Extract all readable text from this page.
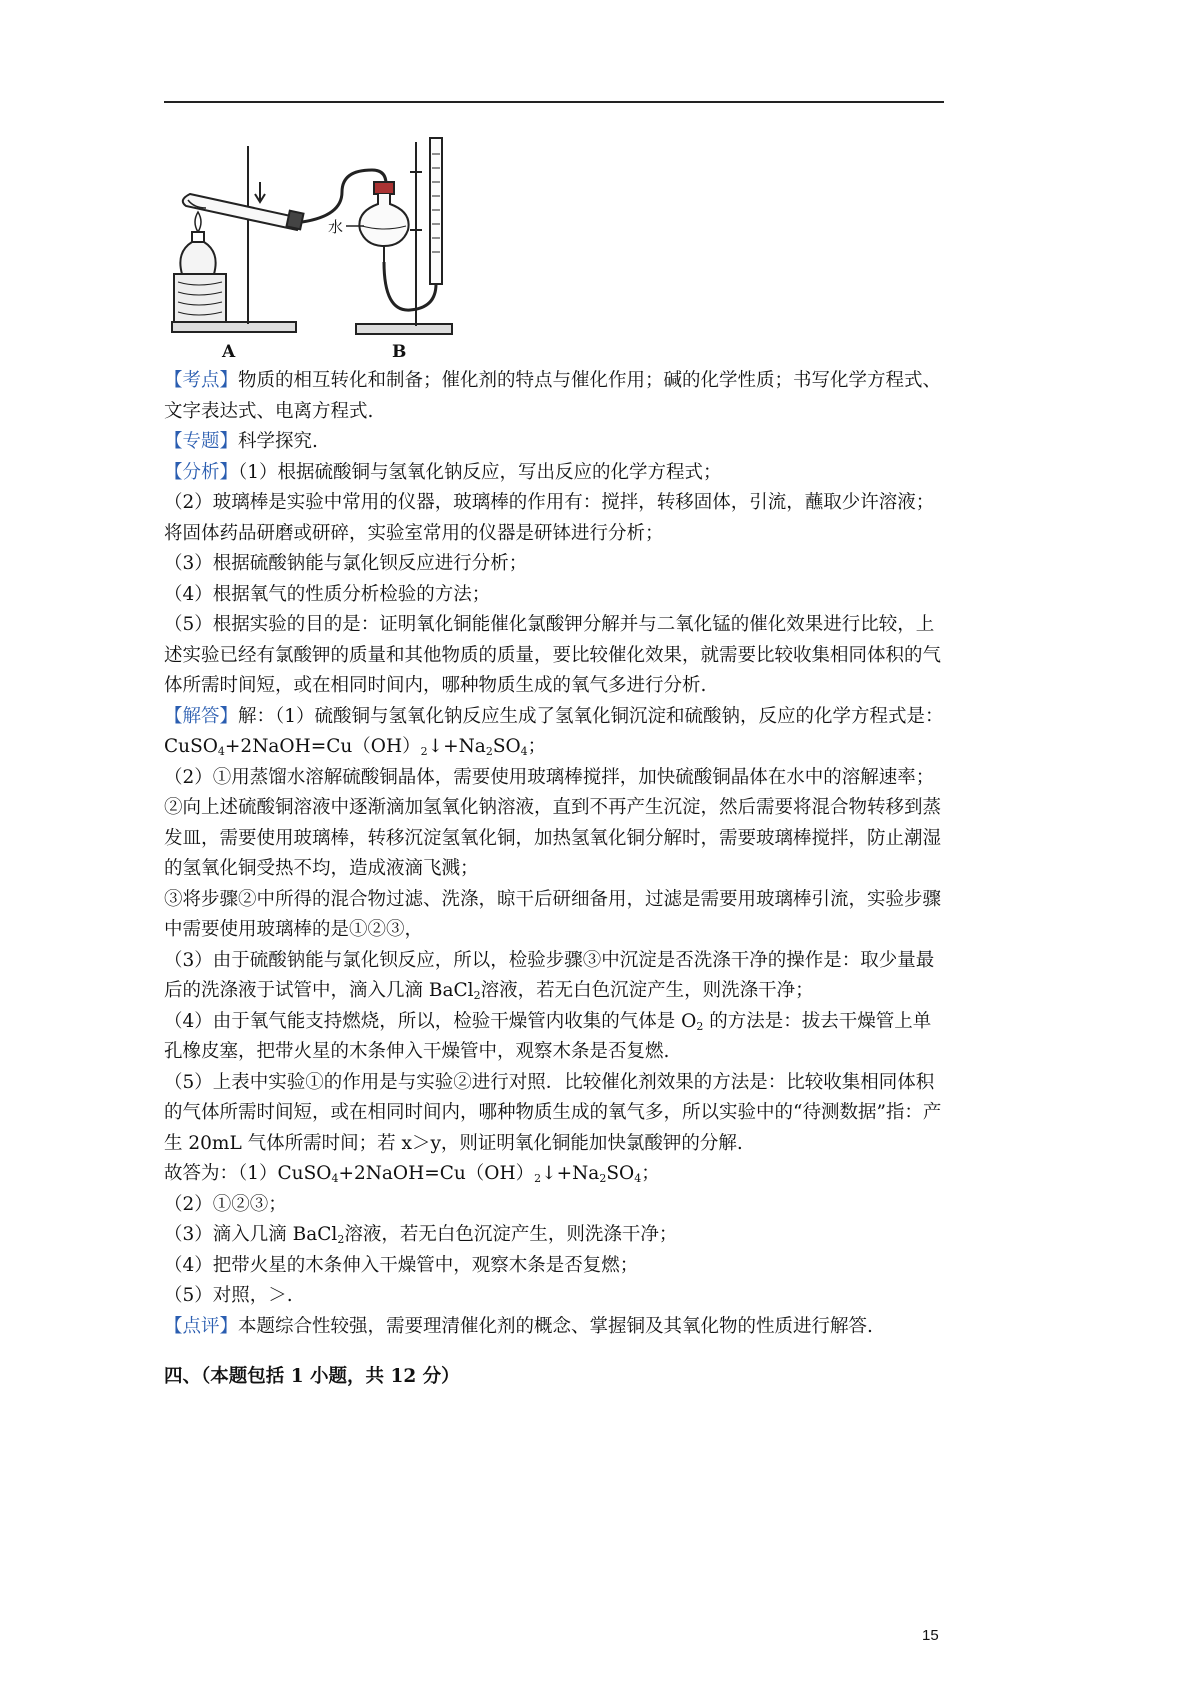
水
A	B

【考点】物质的相互转化和制备；催化剂的特点与催化作用；碱的化学性质；书写化学方程式、文字表达式、电离方程式.

【专题】科学探究.

【分析】（1）根据硫酸铜与氢氧化钠反应，写出反应的化学方程式；

（2）玻璃棒是实验中常用的仪器，玻璃棒的作用有：搅拌，转移固体，引流，蘸取少许溶液；将固体药品研磨或研碎，实验室常用的仪器是研钵进行分析；

（3）根据硫酸钠能与氯化钡反应进行分析；

（4）根据氧气的性质分析检验的方法；

（5）根据实验的目的是：证明氧化铜能催化氯酸钾分解并与二氧化锰的催化效果进行比较，上述实验已经有氯酸钾的质量和其他物质的质量，要比较催化效果，就需要比较收集相同体积的气体所需时间短，或在相同时间内，哪种物质生成的氧气多进行分析.

【解答】解：（1）硫酸铜与氢氧化钠反应生成了氢氧化铜沉淀和硫酸钠，反应的化学方程式是：$CuSO_4+2NaOH=Cu(OH)_2↓+Na_2SO_4$；

（2）①用蒸馏水溶解硫酸铜晶体，需要使用玻璃棒搅拌，加快硫酸铜晶体在水中的溶解速率；

②向上述硫酸铜溶液中逐渐滴加氢氧化钠溶液，直到不再产生沉淀，然后需要将混合物转移到蒸发皿，需要使用玻璃棒，转移沉淀氢氧化铜，加热氢氧化铜分解时，需要玻璃棒搅拌，防止潮湿的氢氧化铜受热不均，造成液滴飞溅；

③将步骤②中所得的混合物过滤、洗涤，晾干后研细备用，过滤是需要用玻璃棒引流，实验步骤中需要使用玻璃棒的是①②③，

（3）由于硫酸钠能与氯化钡反应，所以，检验步骤③中沉淀是否洗涤干净的操作是：取少量最后的洗涤液于试管中，滴入几滴 BaCl$_2$溶液，若无白色沉淀产生，则洗涤干净；

（4）由于氧气能支持燃烧，所以，检验干燥管内收集的气体是 $O_2$ 的方法是：拔去干燥管上单孔橡皮塞，把带火星的木条伸入干燥管中，观察木条是否复燃.

（5）上表中实验①的作用是与实验②进行对照．比较催化剂效果的方法是：比较收集相同体积的气体所需时间短，或在相同时间内，哪种物质生成的氧气多，所以实验中的“待测数据”指：产生 20mL 气体所需时间；若 x＞y，则证明氧化铜能加快氯酸钾的分解.

故答为：$(1)CuSO_4+2NaOH=Cu(OH)_2↓+Na_2SO_4$；

（2）①②③；

（3）滴入几滴 BaCl$_2$溶液，若无白色沉淀产生，则洗涤干净；

（4）把带火星的木条伸入干燥管中，观察木条是否复燃；

（5）对照，＞.

【点评】本题综合性较强，需要理清催化剂的概念、掌握铜及其氧化物的性质进行解答.

四、（本题包括 1 小题，共 12 分）
15
